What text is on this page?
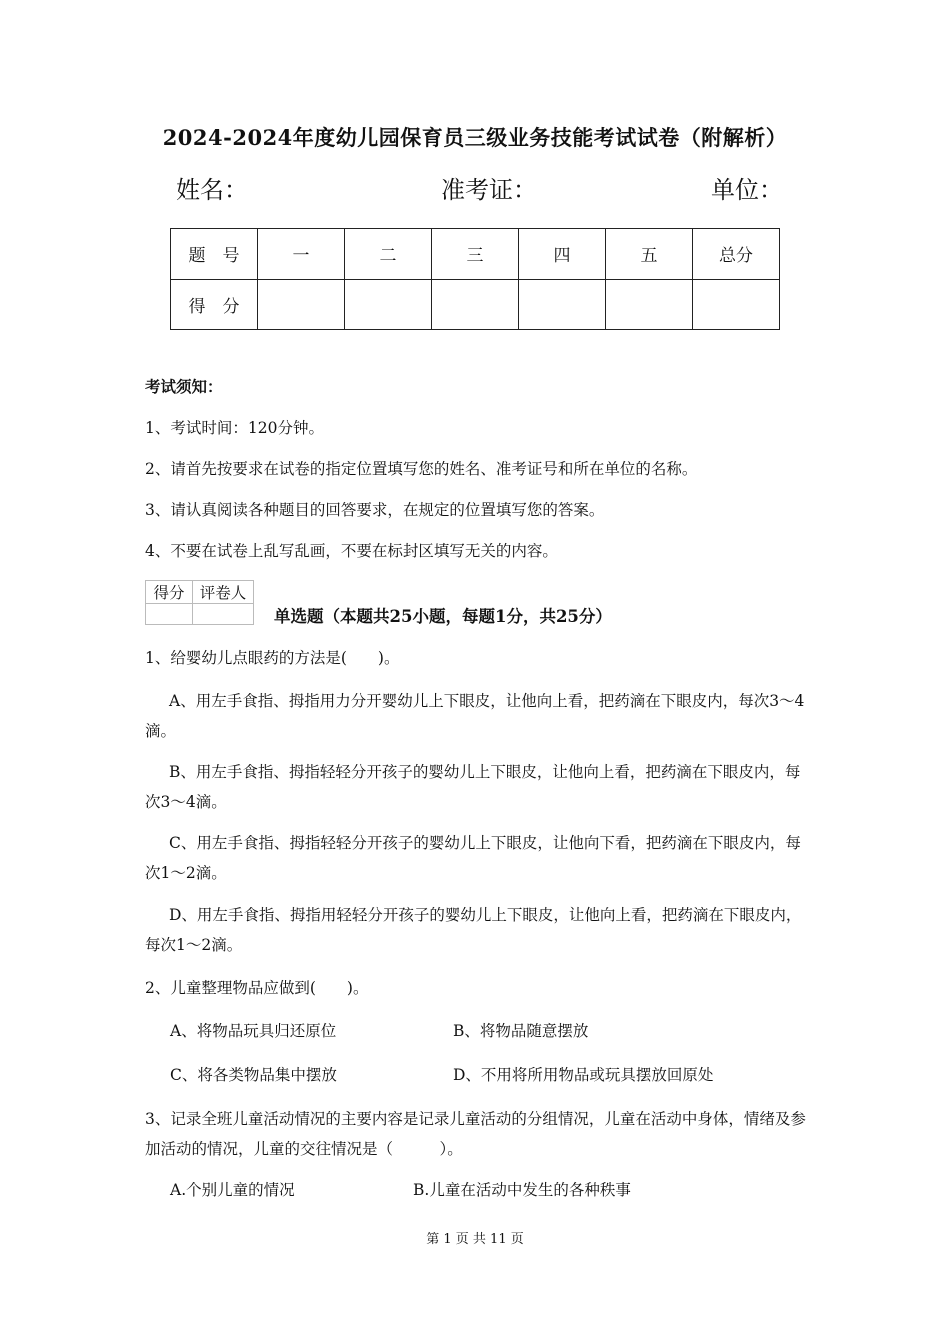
2024-2024年度幼儿园保育员三级业务技能考试试卷（附解析）
姓名：	准考证：	单位：
题　号	一	二	三	四	五	总分
得　分						
考试须知：
1、考试时间：120分钟。
2、请首先按要求在试卷的指定位置填写您的姓名、准考证号和所在单位的名称。
3、请认真阅读各种题目的回答要求，在规定的位置填写您的答案。
4、不要在试卷上乱写乱画，不要在标封区填写无关的内容。
得分	评卷人

单选题（本题共25小题，每题1分，共25分）
1、给婴幼儿点眼药的方法是(　　)。
A、用左手食指、拇指用力分开婴幼儿上下眼皮，让他向上看，把药滴在下眼皮内，每次3～4滴。
B、用左手食指、拇指轻轻分开孩子的婴幼儿上下眼皮，让他向上看，把药滴在下眼皮内，每次3～4滴。
C、用左手食指、拇指轻轻分开孩子的婴幼儿上下眼皮，让他向下看，把药滴在下眼皮内，每次1～2滴。
D、用左手食指、拇指用轻轻分开孩子的婴幼儿上下眼皮，让他向上看，把药滴在下眼皮内，每次1～2滴。
2、儿童整理物品应做到(　　)。
A、将物品玩具归还原位	B、将物品随意摆放
C、将各类物品集中摆放	D、不用将所用物品或玩具摆放回原处
3、记录全班儿童活动情况的主要内容是记录儿童活动的分组情况，儿童在活动中身体，情绪及参加活动的情况，儿童的交往情况是（　　　）。
A.个别儿童的情况	B.儿童在活动中发生的各种秩事
第 1 页 共 11 页
